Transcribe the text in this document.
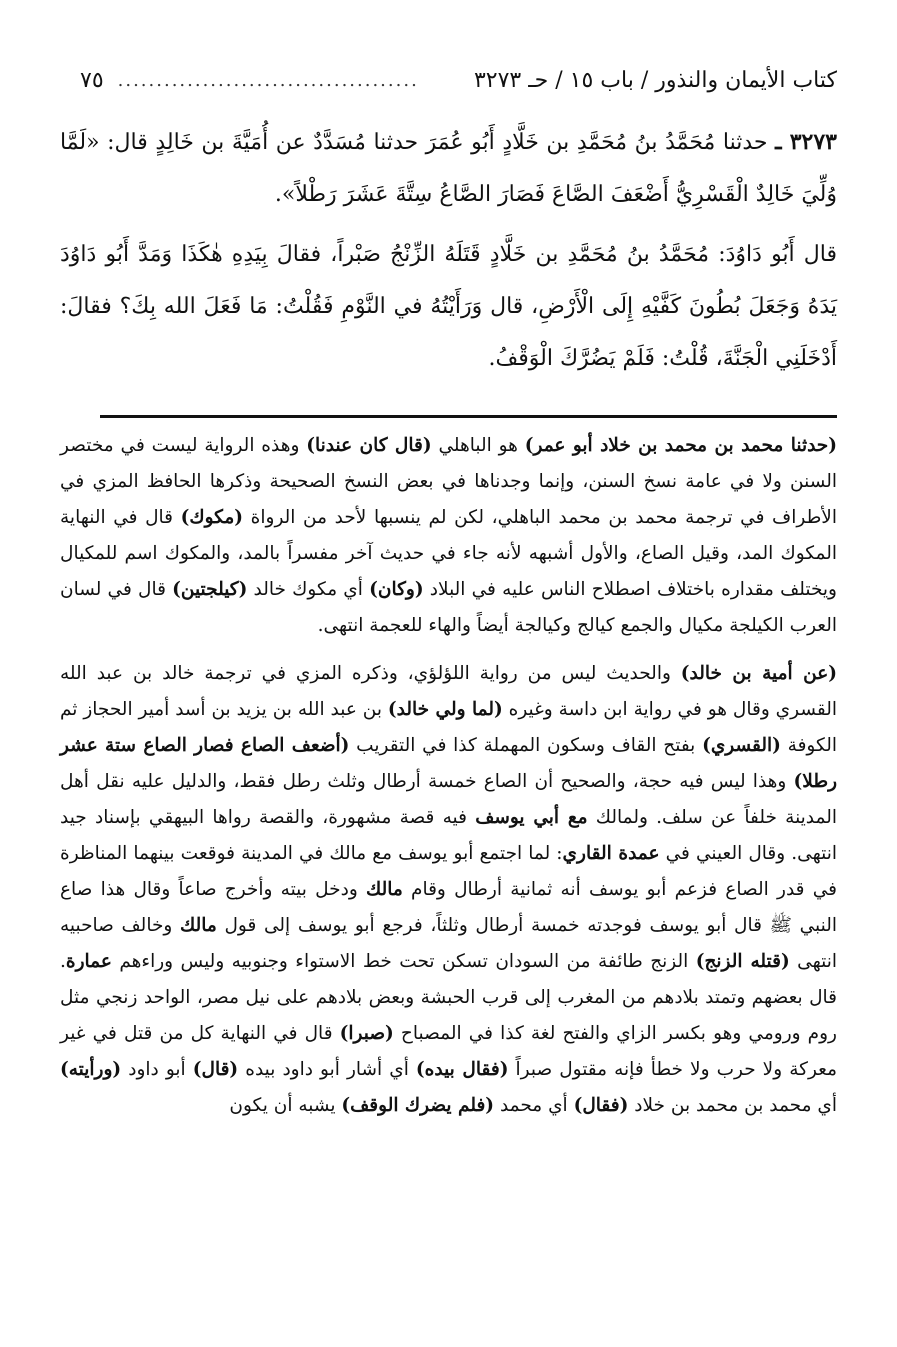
كتاب الأيمان والنذور / باب ١٥ / حـ ٣٢٧٣
٧٥ .......................................

٣٢٧٣ ـ حدثنا مُحَمَّدُ بنُ مُحَمَّدِ بن خَلَّادٍ أَبُو عُمَرَ حدثنا مُسَدَّدٌ عن أُمَيَّةَ بن خَالِدٍ قال: «لَمَّا وُلِّيَ خَالِدٌ الْقَسْرِيُّ أَضْعَفَ الصَّاعَ فَصَارَ الصَّاعُ سِتَّةَ عَشَرَ رَطْلاً».

قال أَبُو دَاوُدَ: مُحَمَّدُ بنُ مُحَمَّدِ بن خَلَّادٍ قَتَلَهُ الزِّنْجُ صَبْراً، فقالَ بِيَدِهِ هٰكَذَا وَمَدَّ أَبُو دَاوُدَ يَدَهُ وَجَعَلَ بُطُونَ كَفَّيْهِ إِلَى الْأَرْضِ، قال وَرَأَيْتُهُ في النَّوْمِ فَقُلْتُ: مَا فَعَلَ الله بِكَ؟ فقالَ: أَدْخَلَنِي الْجَنَّةَ، قُلْتُ: فَلَمْ يَضُرَّكَ الْوَقْفُ.

(حدثنا محمد بن محمد بن خلاد أبو عمر) هو الباهلي (قال كان عندنا) وهذه الرواية ليست في مختصر السنن ولا في عامة نسخ السنن، وإنما وجدناها في بعض النسخ الصحيحة وذكرها الحافظ المزي في الأطراف في ترجمة محمد بن محمد الباهلي، لكن لم ينسبها لأحد من الرواة (مكوك) قال في النهاية المكوك المد، وقيل الصاع، والأول أشبهه لأنه جاء في حديث آخر مفسراً بالمد، والمكوك اسم للمكيال ويختلف مقداره باختلاف اصطلاح الناس عليه في البلاد (وكان) أي مكوك خالد (كيلجتين) قال في لسان العرب الكيلجة مكيال والجمع كيالج وكيالجة أيضاً والهاء للعجمة انتهى.

(عن أمية بن خالد) والحديث ليس من رواية اللؤلؤي، وذكره المزي في ترجمة خالد بن عبد الله القسري وقال هو في رواية ابن داسة وغيره (لما ولي خالد) بن عبد الله بن يزيد بن أسد أمير الحجاز ثم الكوفة (القسري) بفتح القاف وسكون المهملة كذا في التقريب (أضعف الصاع فصار الصاع ستة عشر رطلا) وهذا ليس فيه حجة، والصحيح أن الصاع خمسة أرطال وثلث رطل فقط، والدليل عليه نقل أهل المدينة خلفاً عن سلف. ولمالك مع أبي يوسف فيه قصة مشهورة، والقصة رواها البيهقي بإسناد جيد انتهى. وقال العيني في عمدة القاري: لما اجتمع أبو يوسف مع مالك في المدينة فوقعت بينهما المناظرة في قدر الصاع فزعم أبو يوسف أنه ثمانية أرطال وقام مالك ودخل بيته وأخرج صاعاً وقال هذا صاع النبي ﷺ قال أبو يوسف فوجدته خمسة أرطال وثلثاً، فرجع أبو يوسف إلى قول مالك وخالف صاحبيه انتهى (قتله الزنج) الزنج طائفة من السودان تسكن تحت خط الاستواء وجنوبيه وليس وراءهم عمارة. قال بعضهم وتمتد بلادهم من المغرب إلى قرب الحبشة وبعض بلادهم على نيل مصر، الواحد زنجي مثل روم ورومي وهو بكسر الزاي والفتح لغة كذا في المصباح (صبرا) قال في النهاية كل من قتل في غير معركة ولا حرب ولا خطأ فإنه مقتول صبراً (فقال بيده) أي أشار أبو داود بيده (قال) أبو داود (ورأيته) أي محمد بن محمد بن خلاد (فقال) أي محمد (فلم يضرك الوقف) يشبه أن يكون
